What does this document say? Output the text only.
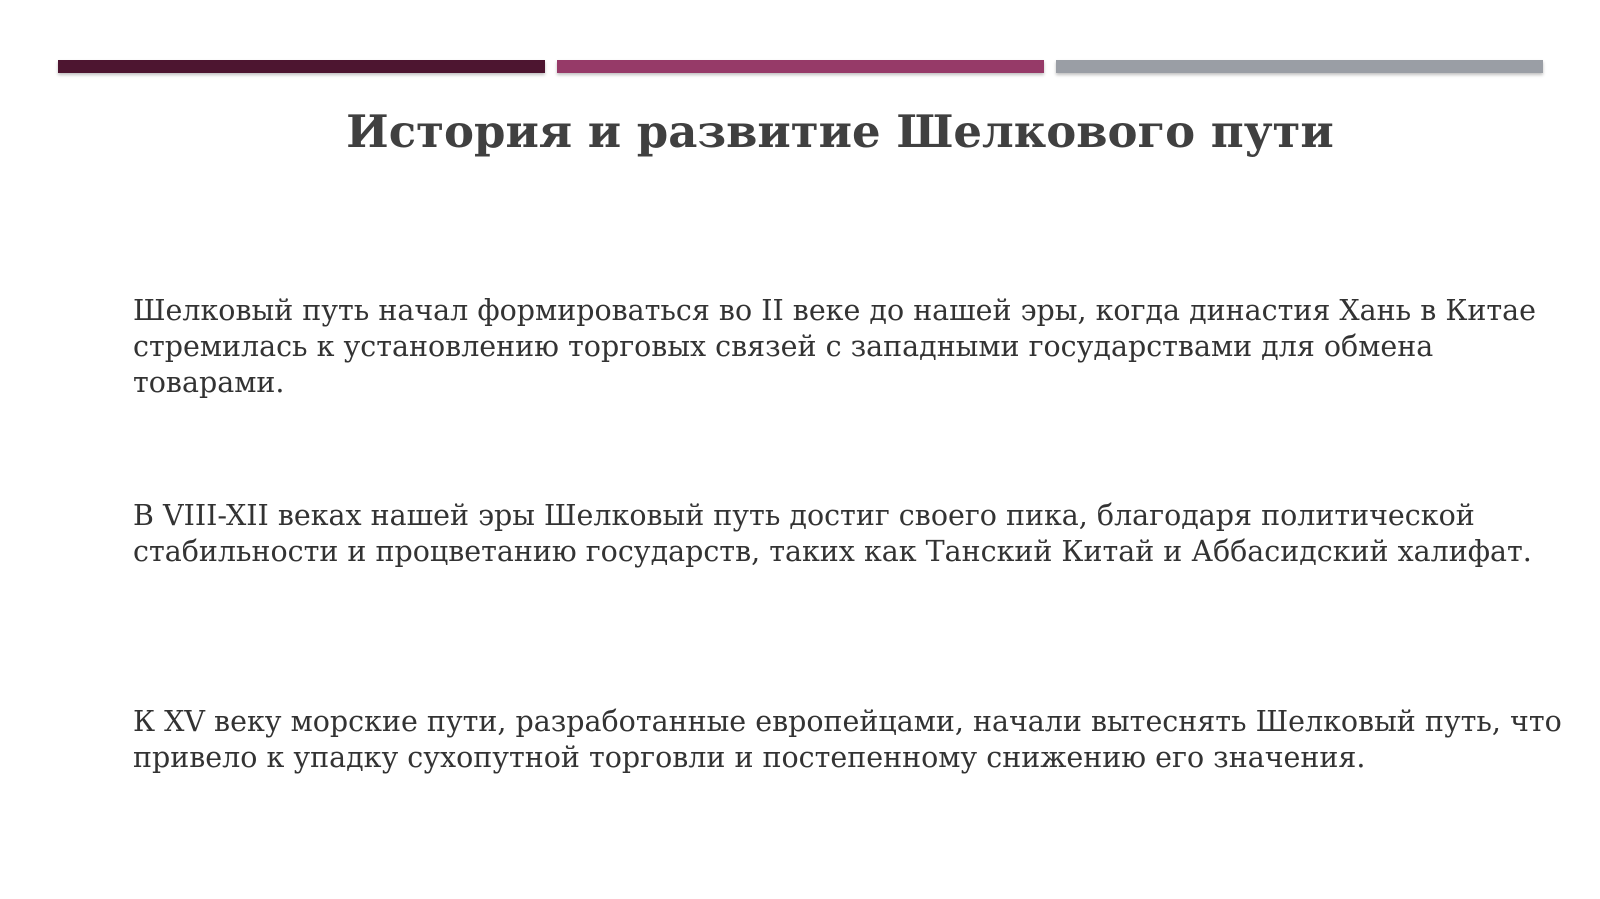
История и развитие Шелкового пути

Шелковый путь начал формироваться во II веке до нашей эры, когда династия Хань в Китае стремилась к установлению торговых связей с западными государствами для обмена товарами.

В VIII-XII веках нашей эры Шелковый путь достиг своего пика, благодаря политической стабильности и процветанию государств, таких как Танский Китай и Аббасидский халифат.

К XV веку морские пути, разработанные европейцами, начали вытеснять Шелковый путь, что привело к упадку сухопутной торговли и постепенному снижению его значения.
